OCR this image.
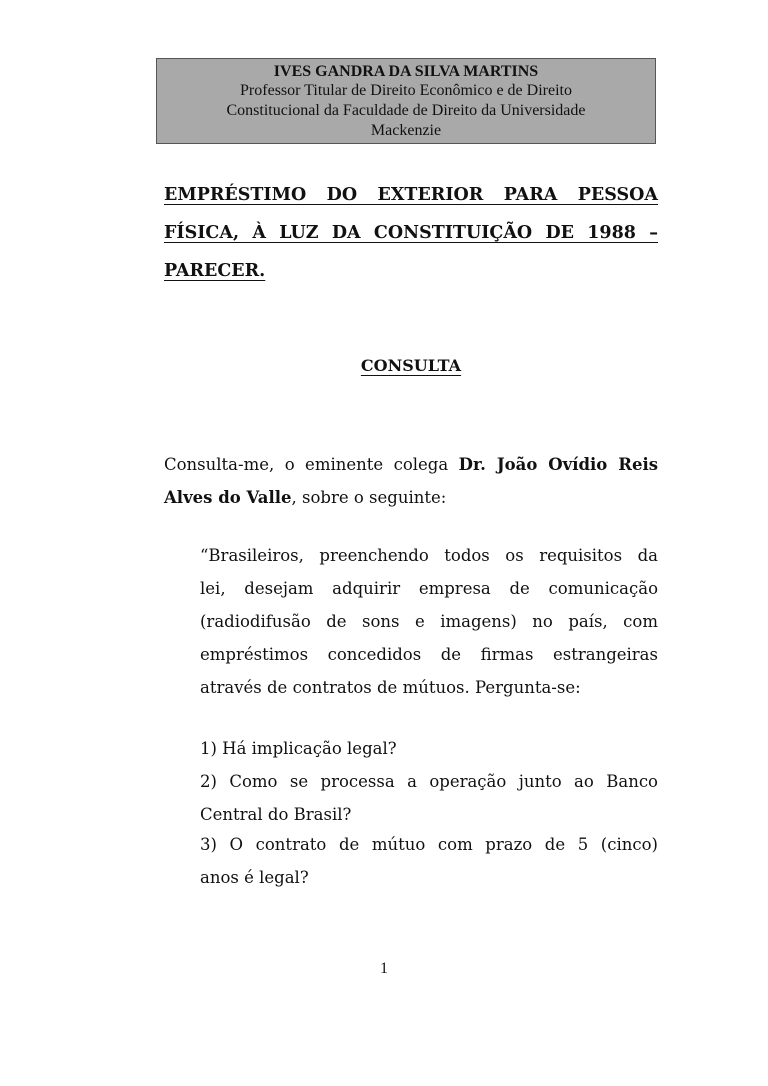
IVES GANDRA DA SILVA MARTINS
Professor Titular de Direito Econômico e de Direito
Constitucional da Faculdade de Direito da Universidade
Mackenzie
EMPRÉSTIMO DO EXTERIOR PARA PESSOA
FÍSICA, À LUZ DA CONSTITUIÇÃO DE 1988 –
PARECER.
CONSULTA
Consulta-me, o eminente colega Dr. João Ovídio Reis
Alves do Valle, sobre o seguinte:
“Brasileiros, preenchendo todos os requisitos da
lei, desejam adquirir empresa de comunicação
(radiodifusão de sons e imagens) no país, com
empréstimos concedidos de firmas estrangeiras
através de contratos de mútuos. Pergunta-se:
1) Há implicação legal?
2) Como se processa a operação junto ao Banco
Central do Brasil?
3) O contrato de mútuo com prazo de 5 (cinco)
anos é legal?
1
